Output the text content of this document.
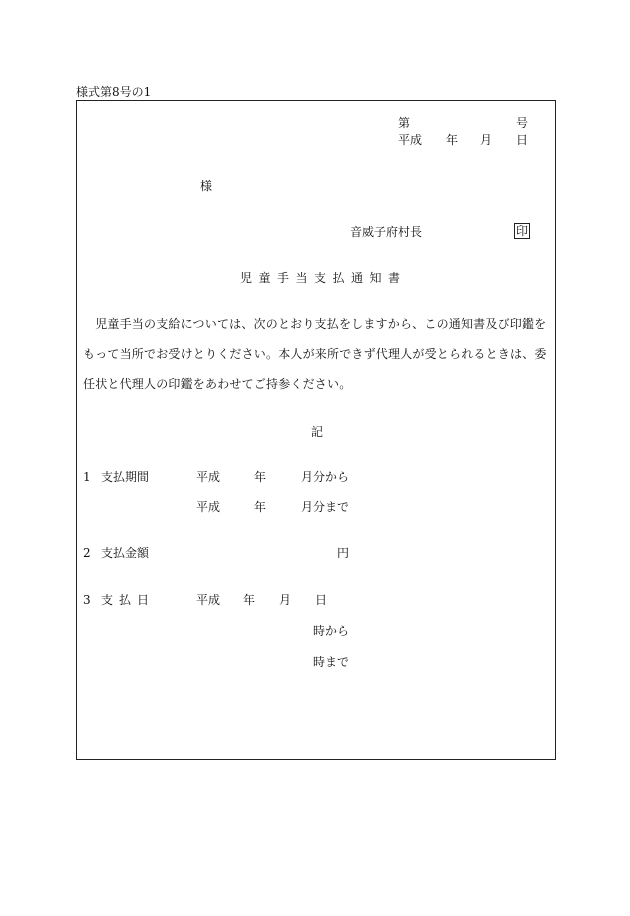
様式第8号の1
第	号
平成 年 月 日
様
音威子府村長	印
児童手当支払通知書
　児童手当の支給については、次のとおり支払をしますから、この通知書及び印鑑をもって当所でお受けとりください。本人が来所できず代理人が受とられるときは、委任状と代理人の印鑑をあわせてご持参ください。
記
1 支払期間	平成	年	月分から
平成	年	月分まで
2 支払金額	円
3 支払日	平成 年 月 日
時から
時まで
